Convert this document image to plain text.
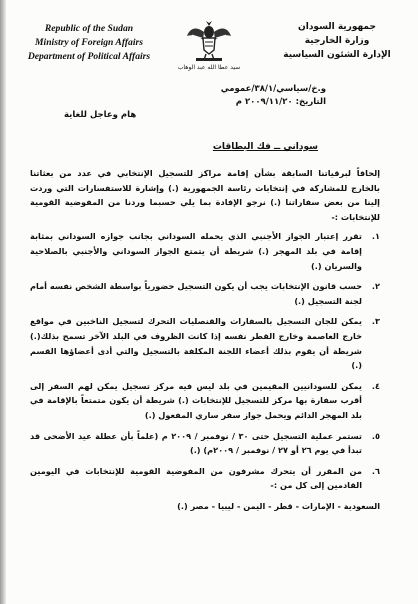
Republic of the Sudan
Ministry of Foreign Affairs
Department of Political Affairs
سيد عطا الله عبد الوهاب
جمهورية السودان
وزارة الخارجية
الإدارة الشئون السياسية
و.خ/سياسي/٣٨/١/عمومي
التاريخ: ٢٠٠٩/١١/٢٠ م
هام وعاجل للغاية
سوداني ــ فك البطاقات

إلحاقاً لبرقياتنا السابقة بشأن إقامة مراكز للتسجيل الإنتخابي في عدد من بعثاتنا بالخارج للمشاركة في إنتخابات رئاسة الجمهورية (.) وإشارة للاستفسارات التي وردت إلينا من بعض سفاراتنا (.) نرجو الإفادة بما يلي حسبما وردنا من المفوضية القومية للإنتخابات :-

١.
تقرر إعتبار الجواز الأجنبي الذي يحمله السوداني بجانب جوازه السوداني بمثابة إقامة في بلد المهجر (.) شريطة أن يتمتع الجواز السوداني والأجنبي بالصلاحية والسريان (.)
٢.
حسب قانون الإنتخابات يجب أن يكون التسجيل حضورياً بواسطة الشخص نفسه أمام لجنة التسجيل (.)
٣.
يمكن للجان التسجيل بالسفارات والقنصليات التحرك لتسجيل الناخبين في مواقع خارج العاصمة وخارج القطر نفسه إذا كانت الظروف في البلد الآخر تسمح بذلك(.) شريطة أن يقوم بذلك أعضاء اللجنة المكلفة بالتسجيل والتي أدى أعضاؤها القسم (.)
٤.
يمكن للسودانيين المقيمين في بلد ليس فيه مركز تسجيل يمكن لهم السفر إلى أقرب سفارة بها مركز للتسجيل للإنتخابات (.) شريطة أن يكون متمتعاً بالإقامة في بلد المهجر الدائم ويحمل جواز سفر ساري المفعول (.)
٥.
تستمر عملية التسجيل حتى ٣٠ / نوفمبر / ٢٠٠٩ م (علماً بأن عطلة عيد الأضحى قد تبدأ في يوم ٢٦ أو ٢٧ / نوفمبر / ٢٠٠٩م) (.)
٦.
من المقرر أن يتحرك مشرفون من المفوضية القومية للإنتخابات في اليومين القادمين إلى كل من :-
السعودية - الإمارات - قطر - اليمن - ليبيا - مصر (.)
